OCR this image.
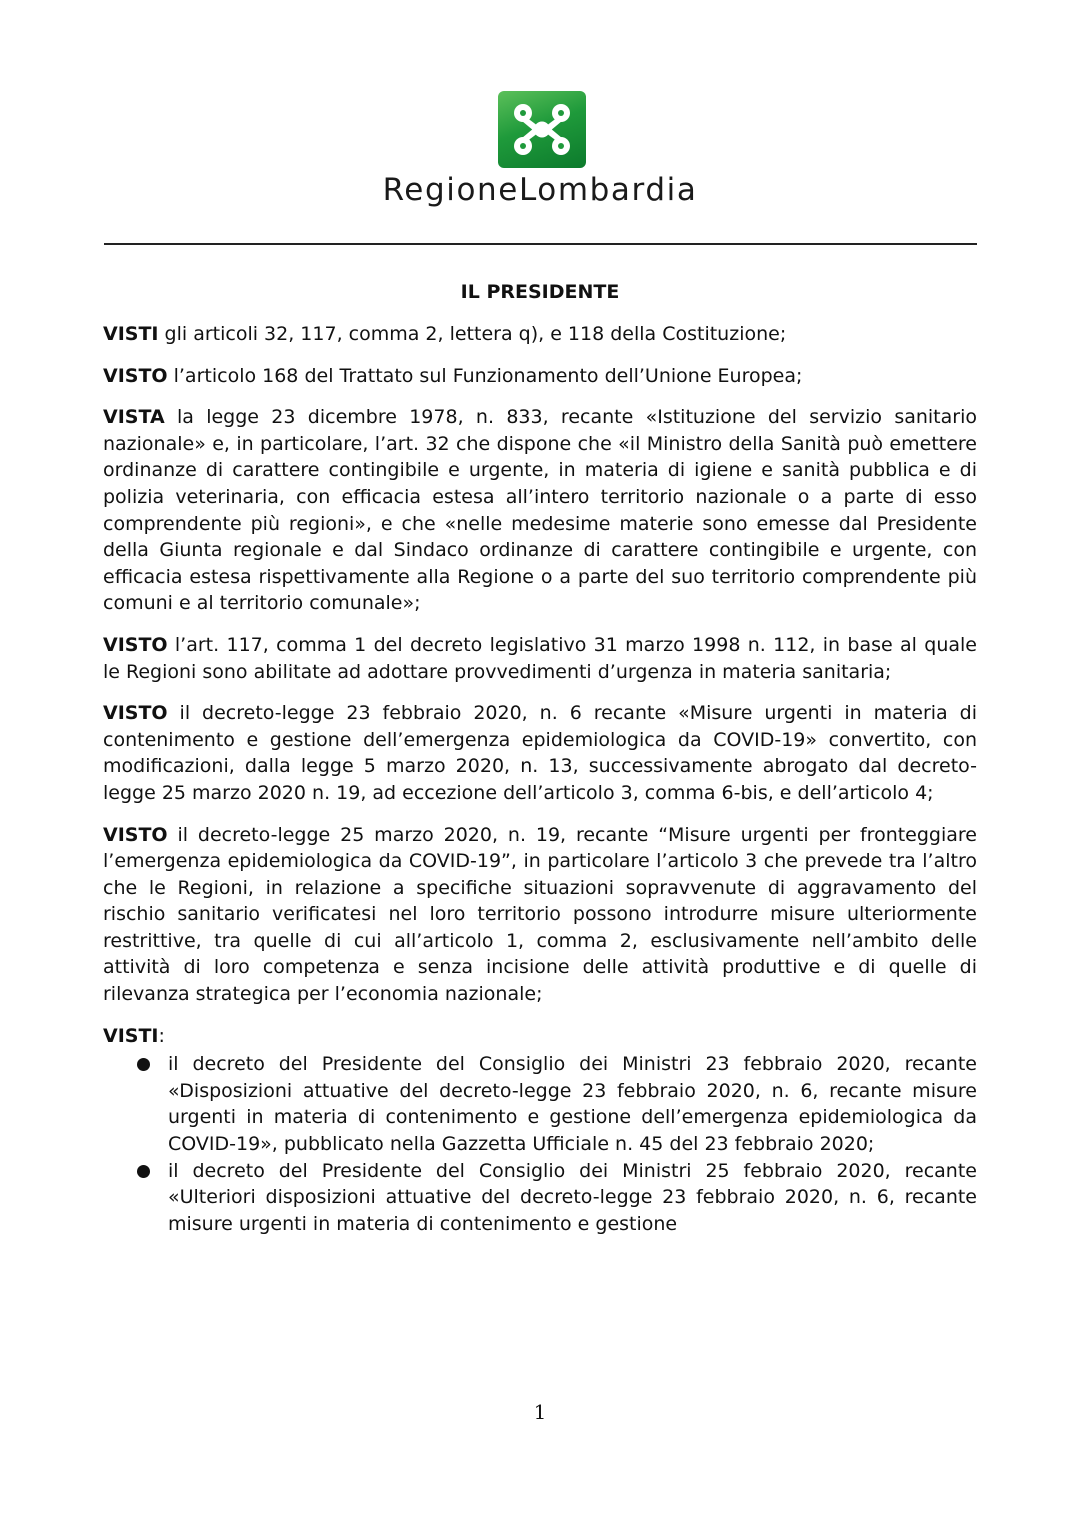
RegioneLombardia
IL PRESIDENTE

VISTI gli articoli 32, 117, comma 2, lettera q), e 118 della Costituzione;

VISTO l’articolo 168 del Trattato sul Funzionamento dell’Unione Europea;

VISTA la legge 23 dicembre 1978, n. 833, recante «Istituzione del servizio sanitario nazionale» e, in particolare, l’art. 32 che dispone che «il Ministro della Sanità può emettere ordinanze di carattere contingibile e urgente, in materia di igiene e sanità pubblica e di polizia veterinaria, con efficacia estesa all’intero territorio nazionale o a parte di esso comprendente più regioni», e che «nelle medesime materie sono emesse dal Presidente della Giunta regionale e dal Sindaco ordinanze di carattere contingibile e urgente, con efficacia estesa rispettivamente alla Regione o a parte del suo territorio comprendente più comuni e al territorio comunale»;

VISTO l’art. 117, comma 1 del decreto legislativo 31 marzo 1998 n. 112, in base al quale le Regioni sono abilitate ad adottare provvedimenti d’urgenza in materia sanitaria;

VISTO il decreto-legge 23 febbraio 2020, n. 6 recante «Misure urgenti in materia di contenimento e gestione dell’emergenza epidemiologica da COVID-19» convertito, con modificazioni, dalla legge 5 marzo 2020, n. 13, successivamente abrogato dal decreto-legge 25 marzo 2020 n. 19, ad eccezione dell’articolo 3, comma 6-bis, e dell’articolo 4;

VISTO il decreto-legge 25 marzo 2020, n. 19, recante “Misure urgenti per fronteggiare l’emergenza epidemiologica da COVID-19”, in particolare l’articolo 3 che prevede tra l’altro che le Regioni, in relazione a specifiche situazioni sopravvenute di aggravamento del rischio sanitario verificatesi nel loro territorio possono introdurre misure ulteriormente restrittive, tra quelle di cui all’articolo 1, comma 2, esclusivamente nell’ambito delle attività di loro competenza e senza incisione delle attività produttive e di quelle di rilevanza strategica per l’economia nazionale;

VISTI:

il decreto del Presidente del Consiglio dei Ministri 23 febbraio 2020, recante «Disposizioni attuative del decreto-legge 23 febbraio 2020, n. 6, recante misure urgenti in materia di contenimento e gestione dell’emergenza epidemiologica da COVID-19», pubblicato nella Gazzetta Ufficiale n. 45 del 23 febbraio 2020;
il decreto del Presidente del Consiglio dei Ministri 25 febbraio 2020, recante «Ulteriori disposizioni attuative del decreto-legge 23 febbraio 2020, n. 6, recante misure urgenti in materia di contenimento e gestione
1
